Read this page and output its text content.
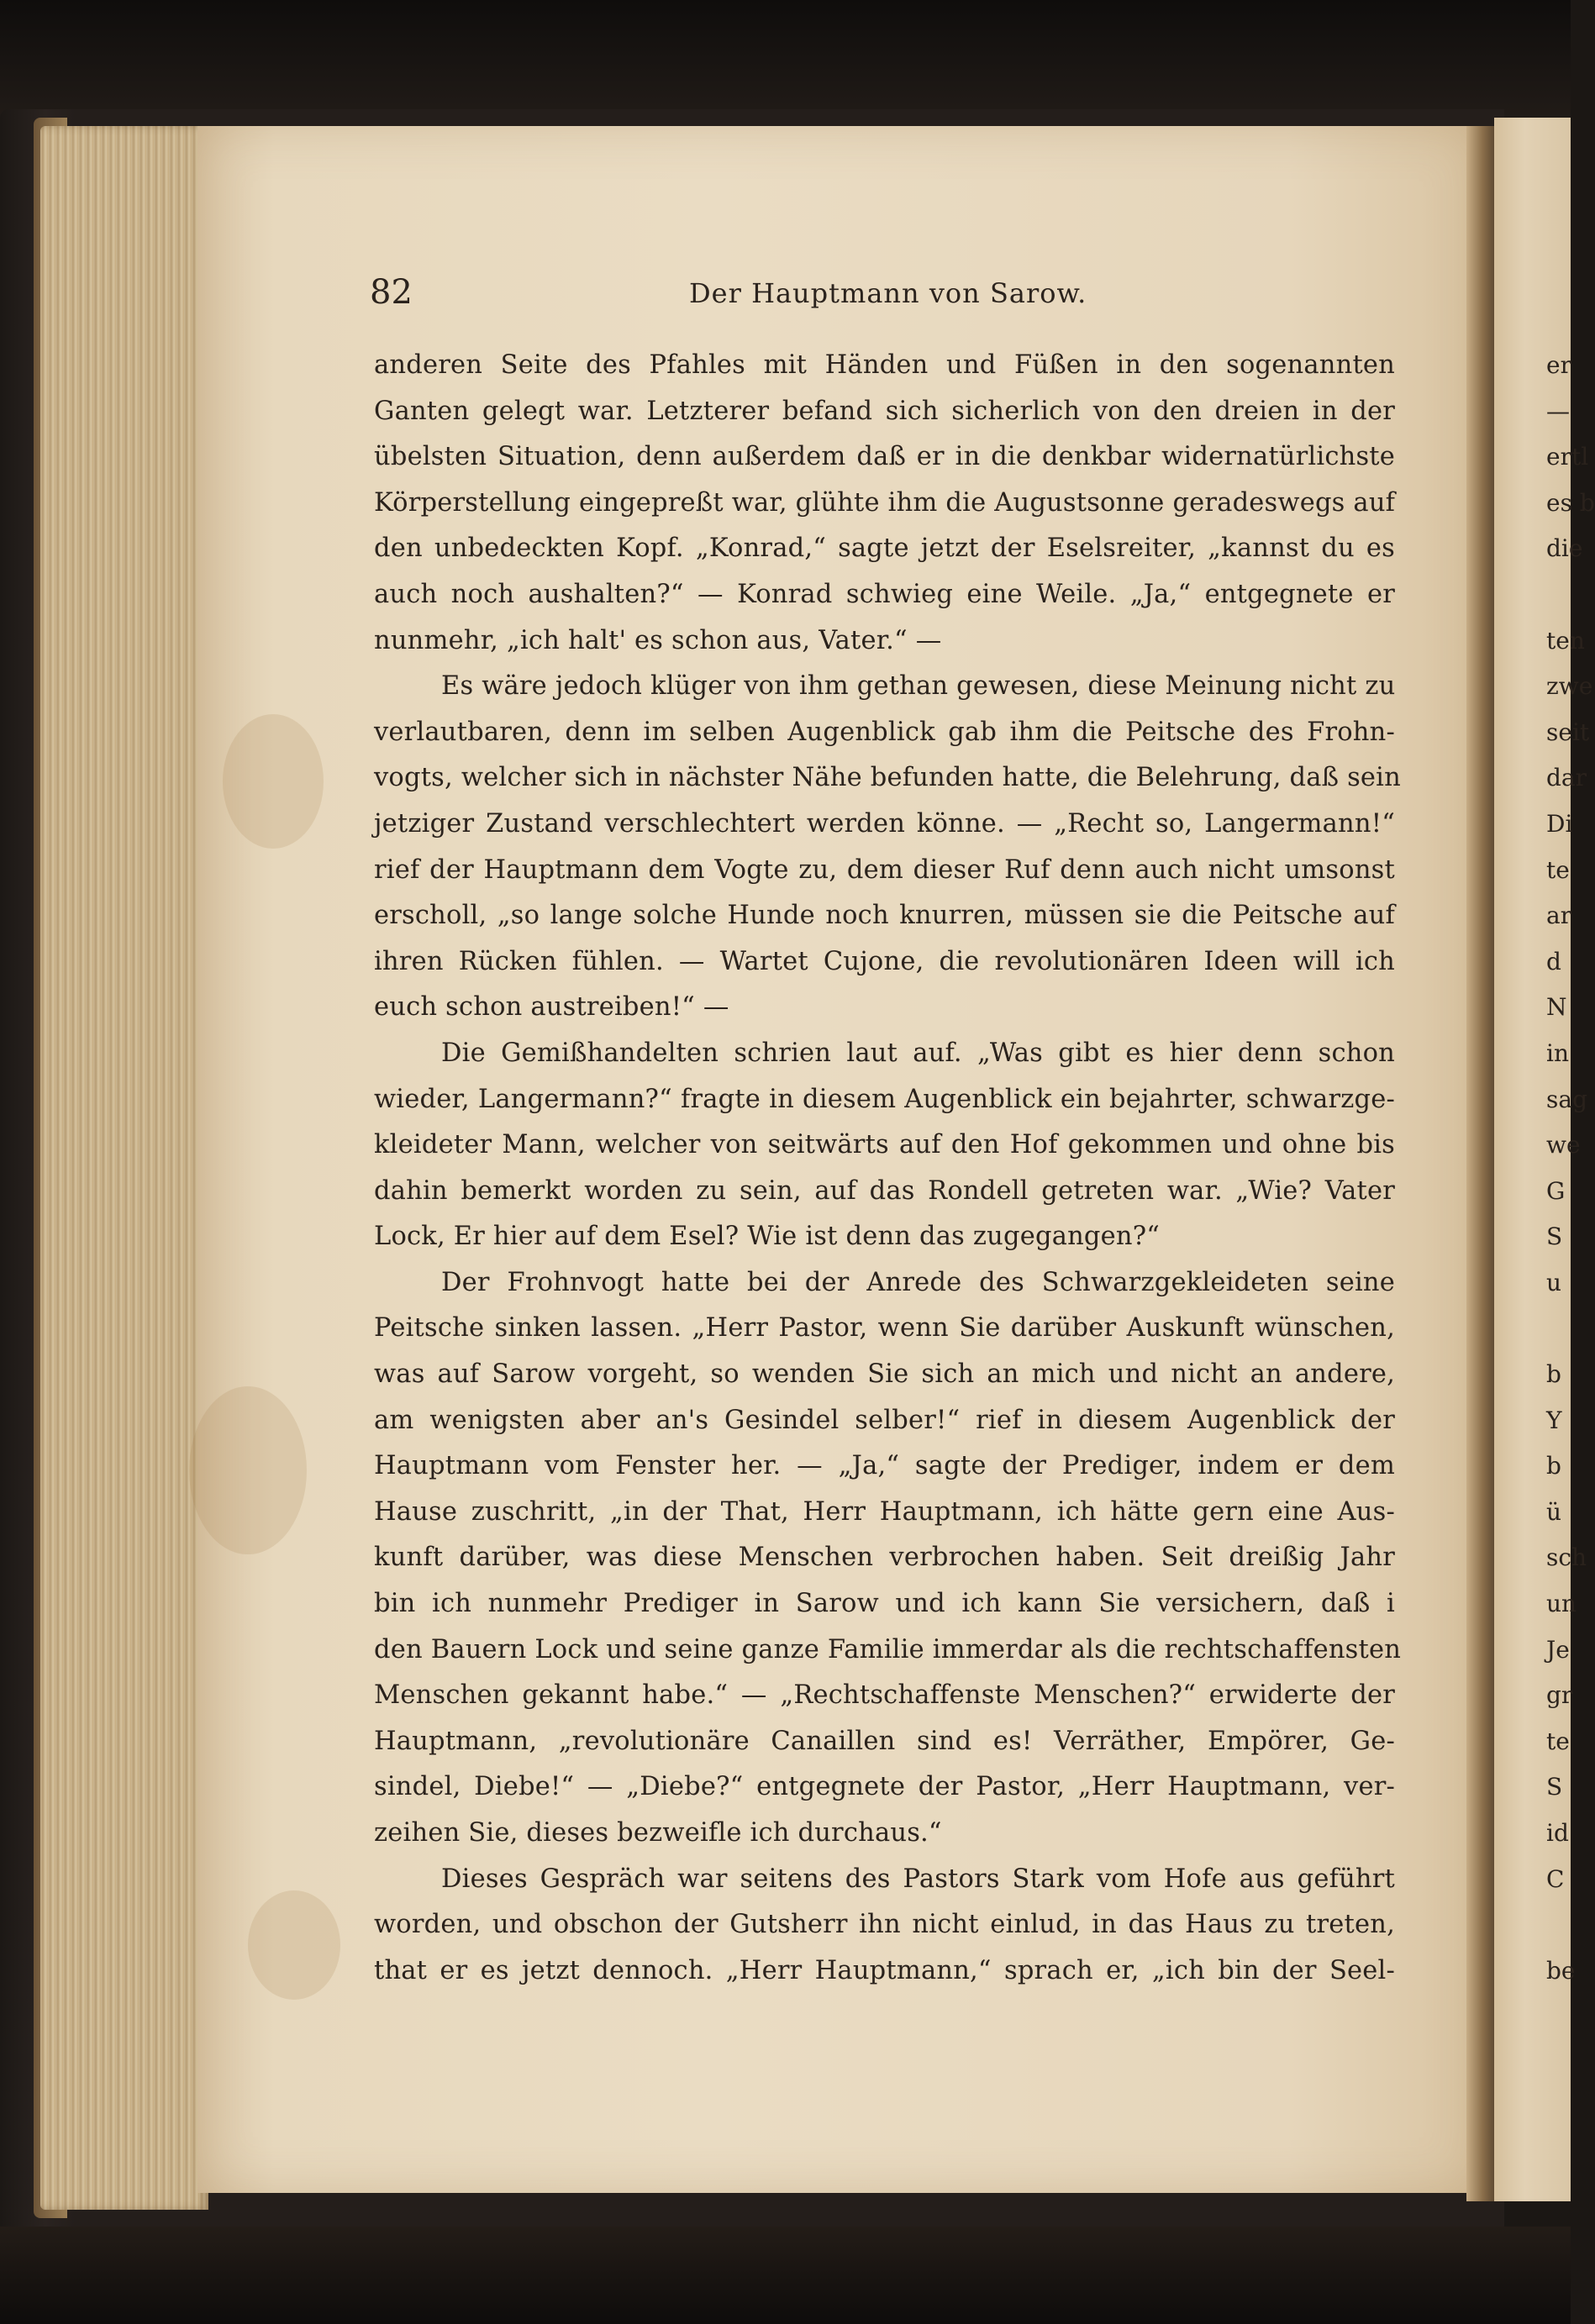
82	Der Hauptmann von Sarow.
anderen Seite des Pfahles mit Händen und Füßen in den sogenannten
Ganten gelegt war. Letzterer befand sich sicherlich von den dreien in der
übelsten Situation, denn außerdem daß er in die denkbar widernatürlichste
Körperstellung eingepreßt war, glühte ihm die Augustsonne geradeswegs auf
den unbedeckten Kopf. „Konrad,“ sagte jetzt der Eselsreiter, „kannst du es
auch noch aushalten?“ — Konrad schwieg eine Weile. „Ja,“ entgegnete er
nunmehr, „ich halt' es schon aus, Vater.“ —
Es wäre jedoch klüger von ihm gethan gewesen, diese Meinung nicht zu
verlautbaren, denn im selben Augenblick gab ihm die Peitsche des Frohn-
vogts, welcher sich in nächster Nähe befunden hatte, die Belehrung, daß sein
jetziger Zustand verschlechtert werden könne. — „Recht so, Langermann!“
rief der Hauptmann dem Vogte zu, dem dieser Ruf denn auch nicht umsonst
erscholl, „so lange solche Hunde noch knurren, müssen sie die Peitsche auf
ihren Rücken fühlen. — Wartet Cujone, die revolutionären Ideen will ich
euch schon austreiben!“ —
Die Gemißhandelten schrien laut auf. „Was gibt es hier denn schon
wieder, Langermann?“ fragte in diesem Augenblick ein bejahrter, schwarzge-
kleideter Mann, welcher von seitwärts auf den Hof gekommen und ohne bis
dahin bemerkt worden zu sein, auf das Rondell getreten war. „Wie? Vater
Lock, Er hier auf dem Esel? Wie ist denn das zugegangen?“
Der Frohnvogt hatte bei der Anrede des Schwarzgekleideten seine
Peitsche sinken lassen. „Herr Pastor, wenn Sie darüber Auskunft wünschen,
was auf Sarow vorgeht, so wenden Sie sich an mich und nicht an andere,
am wenigsten aber an's Gesindel selber!“ rief in diesem Augenblick der
Hauptmann vom Fenster her. — „Ja,“ sagte der Prediger, indem er dem
Hause zuschritt, „in der That, Herr Hauptmann, ich hätte gern eine Aus-
kunft darüber, was diese Menschen verbrochen haben. Seit dreißig Jahr
bin ich nunmehr Prediger in Sarow und ich kann Sie versichern, daß i
den Bauern Lock und seine ganze Familie immerdar als die rechtschaffensten
Menschen gekannt habe.“ — „Rechtschaffenste Menschen?“ erwiderte der
Hauptmann, „revolutionäre Canaillen sind es! Verräther, Empörer, Ge-
sindel, Diebe!“ — „Diebe?“ entgegnete der Pastor, „Herr Hauptmann, ver-
zeihen Sie, dieses bezweifle ich durchaus.“
Dieses Gespräch war seitens des Pastors Stark vom Hofe aus geführt
worden, und obschon der Gutsherr ihn nicht einlud, in das Haus zu treten,
that er es jetzt dennoch. „Herr Hauptmann,“ sprach er, „ich bin der Seel-
er
—
ertl
es b
die
ten
zwe
seit
dar
Di
te
ar
d
N
in
sag
we
G
S
u
b
Y
b
ü
sch
un
Je
gr
te
S
id
C
be
